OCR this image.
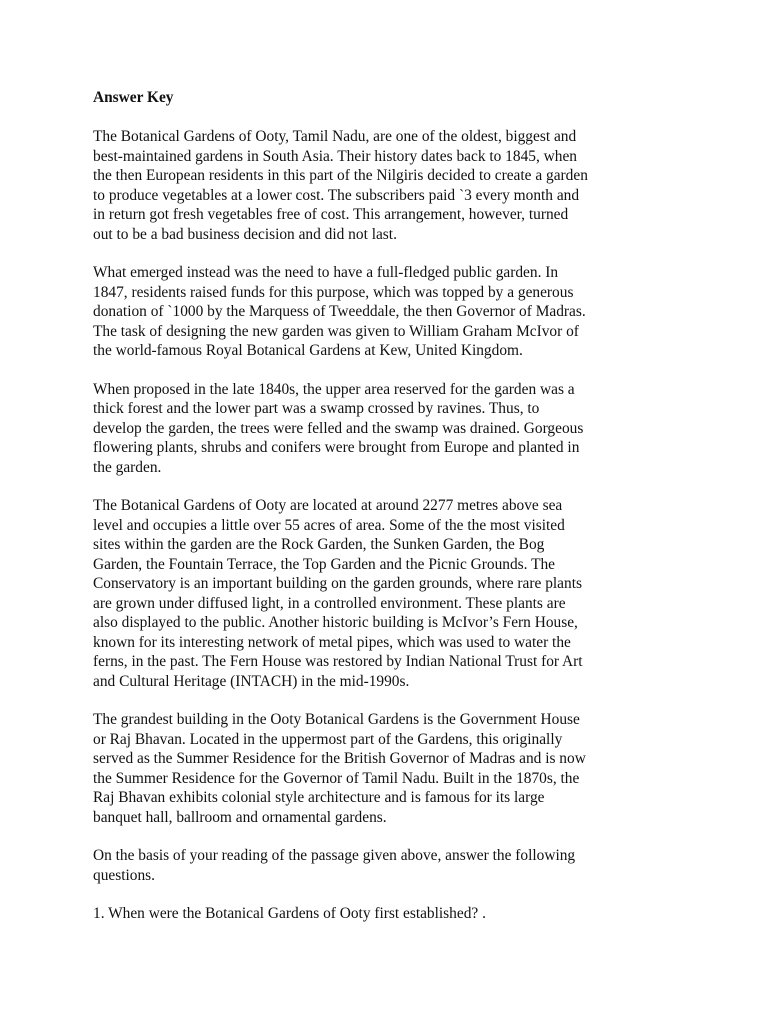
Answer Key
The Botanical Gardens of Ooty, Tamil Nadu, are one of the oldest, biggest and
best-maintained gardens in South Asia. Their history dates back to 1845, when
the then European residents in this part of the Nilgiris decided to create a garden
to produce vegetables at a lower cost. The subscribers paid `3 every month and
in return got fresh vegetables free of cost. This arrangement, however, turned
out to be a bad business decision and did not last.
What emerged instead was the need to have a full-fledged public garden. In
1847, residents raised funds for this purpose, which was topped by a generous
donation of `1000 by the Marquess of Tweeddale, the then Governor of Madras.
The task of designing the new garden was given to William Graham McIvor of
the world-famous Royal Botanical Gardens at Kew, United Kingdom.
When proposed in the late 1840s, the upper area reserved for the garden was a
thick forest and the lower part was a swamp crossed by ravines. Thus, to
develop the garden, the trees were felled and the swamp was drained. Gorgeous
flowering plants, shrubs and conifers were brought from Europe and planted in
the garden.
The Botanical Gardens of Ooty are located at around 2277 metres above sea
level and occupies a little over 55 acres of area. Some of the the most visited
sites within the garden are the Rock Garden, the Sunken Garden, the Bog
Garden, the Fountain Terrace, the Top Garden and the Picnic Grounds. The
Conservatory is an important building on the garden grounds, where rare plants
are grown under diffused light, in a controlled environment. These plants are
also displayed to the public. Another historic building is McIvor’s Fern House,
known for its interesting network of metal pipes, which was used to water the
ferns, in the past. The Fern House was restored by Indian National Trust for Art
and Cultural Heritage (INTACH) in the mid-1990s.
The grandest building in the Ooty Botanical Gardens is the Government House
or Raj Bhavan. Located in the uppermost part of the Gardens, this originally
served as the Summer Residence for the British Governor of Madras and is now
the Summer Residence for the Governor of Tamil Nadu. Built in the 1870s, the
Raj Bhavan exhibits colonial style architecture and is famous for its large
banquet hall, ballroom and ornamental gardens.
On the basis of your reading of the passage given above, answer the following
questions.
1. When were the Botanical Gardens of Ooty first established? .
